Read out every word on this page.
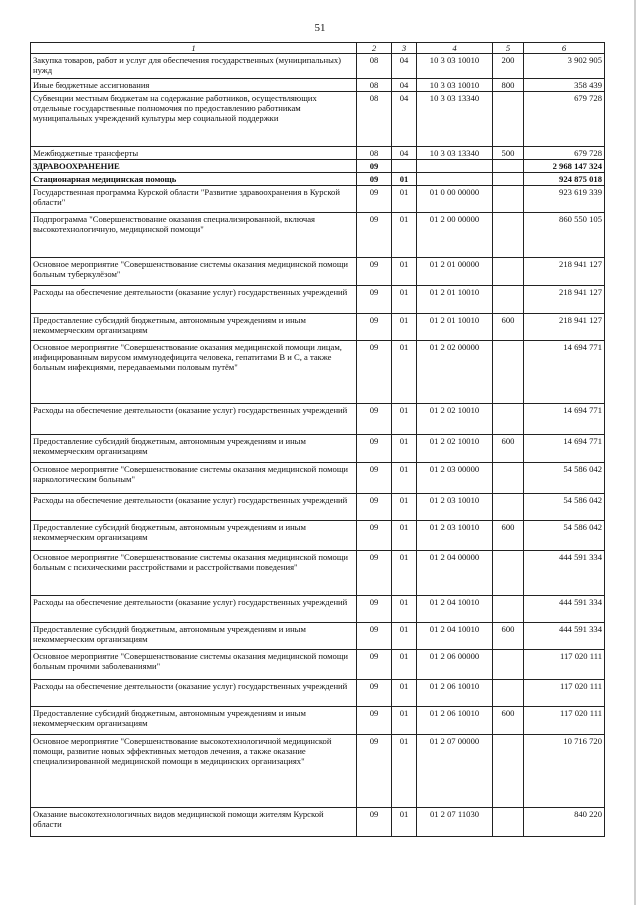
51
1	2	3	4	5	6
Закупка товаров, работ и услуг для обеспечения государственных (муниципальных) нужд	08	04	10 3 03 10010	200	3 902 905
Иные бюджетные ассигнования	08	04	10 3 03 10010	800	358 439
Субвенции местным бюджетам на содержание работников, осуществляющих отдельные государственные полномочия по предоставлению работникам муниципальных учреждений культуры мер социальной поддержки	08	04	10 3 03 13340		679 728
Межбюджетные трансферты	08	04	10 3 03 13340	500	679 728
ЗДРАВООХРАНЕНИЕ	09				2 968 147 324
Стационарная медицинская помощь	09	01			924 875 018
Государственная программа Курской области "Развитие здравоохранения в Курской области"	09	01	01 0 00 00000		923 619 339
Подпрограмма "Совершенствование оказания специализированной, включая высокотехнологичную, медицинской помощи"	09	01	01 2 00 00000		860 550 105
Основное мероприятие "Совершенствование системы оказания медицинской помощи больным туберкулёзом"	09	01	01 2 01 00000		218 941 127
Расходы на обеспечение деятельности (оказание услуг) государственных учреждений	09	01	01 2 01 10010		218 941 127
Предоставление субсидий бюджетным, автономным учреждениям и иным некоммерческим организациям	09	01	01 2 01 10010	600	218 941 127
Основное мероприятие "Совершенствование оказания медицинской помощи лицам, инфицированным вирусом иммунодефицита человека, гепатитами B и C, а также больным инфекциями, передаваемыми половым путём"	09	01	01 2 02 00000		14 694 771
Расходы на обеспечение деятельности (оказание услуг) государственных учреждений	09	01	01 2 02 10010		14 694 771
Предоставление субсидий бюджетным, автономным учреждениям и иным некоммерческим организациям	09	01	01 2 02 10010	600	14 694 771
Основное мероприятие "Совершенствование системы оказания медицинской помощи наркологическим больным"	09	01	01 2 03 00000		54 586 042
Расходы на обеспечение деятельности (оказание услуг) государственных учреждений	09	01	01 2 03 10010		54 586 042
Предоставление субсидий бюджетным, автономным учреждениям и иным некоммерческим организациям	09	01	01 2 03 10010	600	54 586 042
Основное мероприятие "Совершенствование системы оказания медицинской помощи больным с психическими расстройствами и расстройствами поведения"	09	01	01 2 04 00000		444 591 334
Расходы на обеспечение деятельности (оказание услуг) государственных учреждений	09	01	01 2 04 10010		444 591 334
Предоставление субсидий бюджетным, автономным учреждениям и иным некоммерческим организациям	09	01	01 2 04 10010	600	444 591 334
Основное мероприятие "Совершенствование системы оказания медицинской помощи больным прочими заболеваниями"	09	01	01 2 06 00000		117 020 111
Расходы на обеспечение деятельности (оказание услуг) государственных учреждений	09	01	01 2 06 10010		117 020 111
Предоставление субсидий бюджетным, автономным учреждениям и иным некоммерческим организациям	09	01	01 2 06 10010	600	117 020 111
Основное мероприятие "Совершенствование высокотехнологичной медицинской помощи, развитие новых эффективных методов лечения, а также оказание специализированной медицинской помощи в медицинских организациях"	09	01	01 2 07 00000		10 716 720
Оказание высокотехнологичных видов медицинской помощи жителям Курской области	09	01	01 2 07 11030		840 220
